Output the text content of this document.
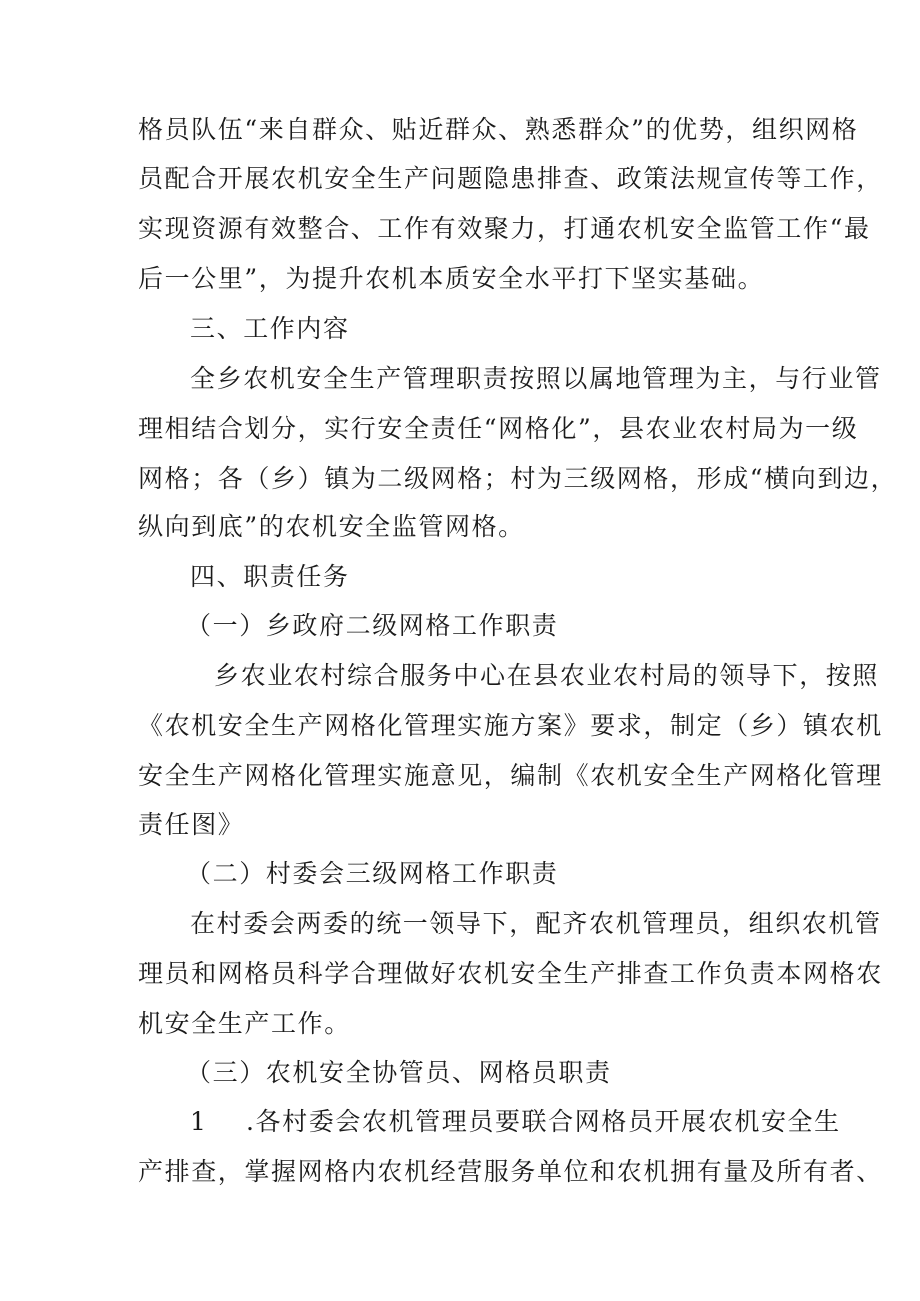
格员队伍“来自群众、贴近群众、熟悉群众”的优势，组织网格
员配合开展农机安全生产问题隐患排查、政策法规宣传等工作，
实现资源有效整合、工作有效聚力，打通农机安全监管工作“最
后一公里”，为提升农机本质安全水平打下坚实基础。
三、工作内容
全乡农机安全生产管理职责按照以属地管理为主，与行业管
理相结合划分，实行安全责任“网格化”，县农业农村局为一级
网格；各（乡）镇为二级网格；村为三级网格，形成“横向到边，
纵向到底”的农机安全监管网格。
四、职责任务
（一）乡政府二级网格工作职责
乡农业农村综合服务中心在县农业农村局的领导下，按照
《农机安全生产网格化管理实施方案》要求，制定（乡）镇农机
安全生产网格化管理实施意见，编制《农机安全生产网格化管理
责任图》
（二）村委会三级网格工作职责
在村委会两委的统一领导下，配齐农机管理员，组织农机管
理员和网格员科学合理做好农机安全生产排查工作负责本网格农
机安全生产工作。
（三）农机安全协管员、网格员职责
1 .各村委会农机管理员要联合网格员开展农机安全生
产排查，掌握网格内农机经营服务单位和农机拥有量及所有者、
